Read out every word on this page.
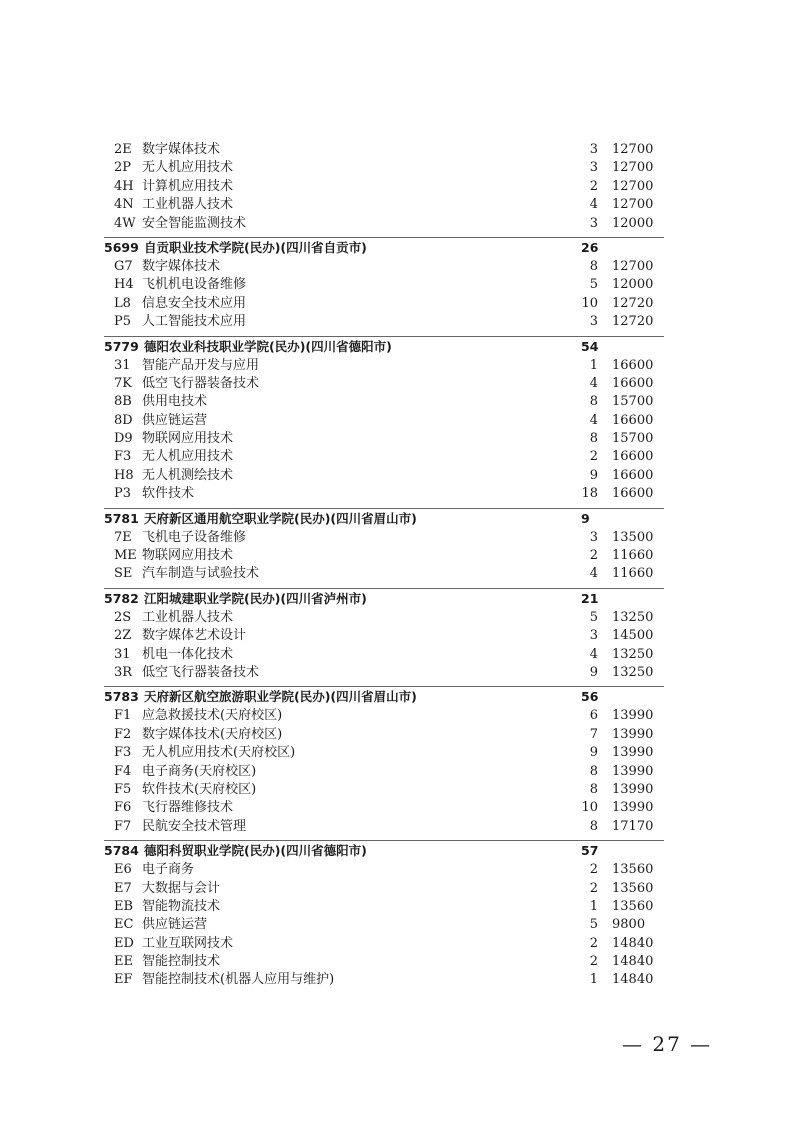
2E 数字媒体技术	3 12700
2P 无人机应用技术	3 12700
4H 计算机应用技术	2 12700
4N 工业机器人技术	4 12700
4W 安全智能监测技术	3 12000
5699 自贡职业技术学院(民办)(四川省自贡市)	26
G7 数字媒体技术	8 12700
H4 飞机机电设备维修	5 12000
L8 信息安全技术应用	10 12720
P5 人工智能技术应用	3 12720
5779 德阳农业科技职业学院(民办)(四川省德阳市)	54
31 智能产品开发与应用	1 16600
7K 低空飞行器装备技术	4 16600
8B 供用电技术	8 15700
8D 供应链运营	4 16600
D9 物联网应用技术	8 15700
F3 无人机应用技术	2 16600
H8 无人机测绘技术	9 16600
P3 软件技术	18 16600
5781 天府新区通用航空职业学院(民办)(四川省眉山市)	9
7E 飞机电子设备维修	3 13500
ME 物联网应用技术	2 11660
SE 汽车制造与试验技术	4 11660
5782 江阳城建职业学院(民办)(四川省泸州市)	21
2S 工业机器人技术	5 13250
2Z 数字媒体艺术设计	3 14500
31 机电一体化技术	4 13250
3R 低空飞行器装备技术	9 13250
5783 天府新区航空旅游职业学院(民办)(四川省眉山市)	56
F1 应急救援技术(天府校区)	6 13990
F2 数字媒体技术(天府校区)	7 13990
F3 无人机应用技术(天府校区)	9 13990
F4 电子商务(天府校区)	8 13990
F5 软件技术(天府校区)	8 13990
F6 飞行器维修技术	10 13990
F7 民航安全技术管理	8 17170
5784 德阳科贸职业学院(民办)(四川省德阳市)	57
E6 电子商务	2 13560
E7 大数据与会计	2 13560
EB 智能物流技术	1 13560
EC 供应链运营	5 9800
ED 工业互联网技术	2 14840
EE 智能控制技术	2 14840
EF 智能控制技术(机器人应用与维护)	1 14840
— 27 —
